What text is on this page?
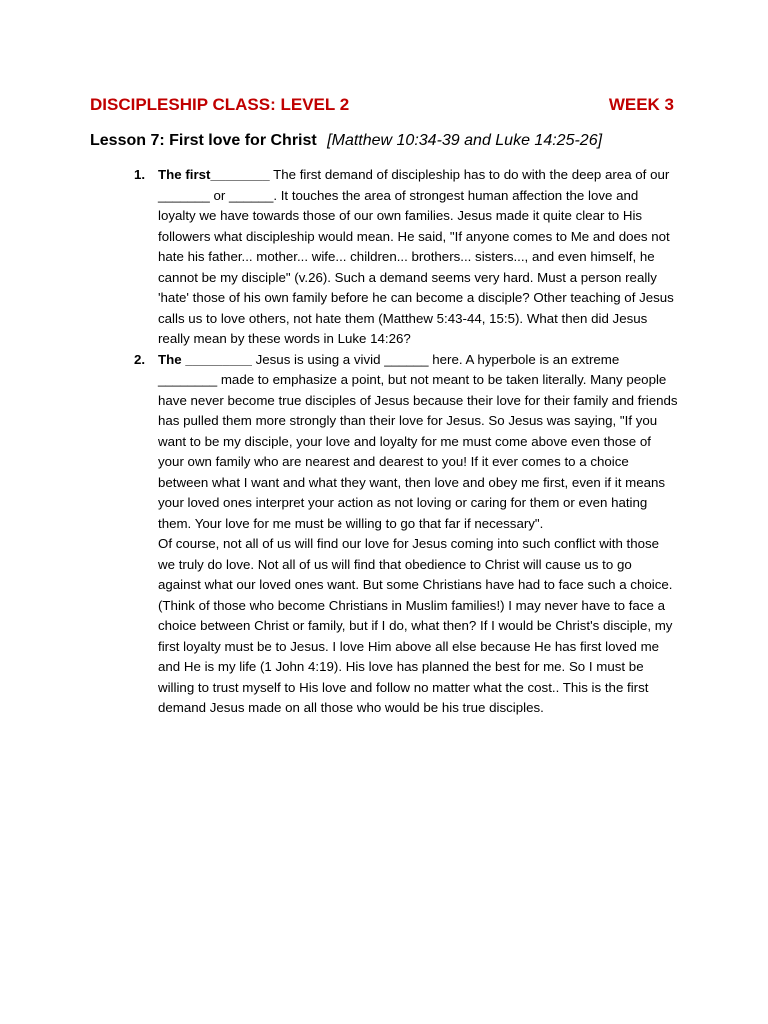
DISCIPLESHIP CLASS: LEVEL 2	WEEK 3
Lesson 7: First love for Christ [Matthew 10:34-39 and Luke 14:25-26]
1. The first________ The first demand of discipleship has to do with the deep area of our _______ or ______. It touches the area of strongest human affection the love and loyalty we have towards those of our own families. Jesus made it quite clear to His followers what discipleship would mean. He said, "If anyone comes to Me and does not hate his father... mother... wife... children... brothers... sisters..., and even himself, he cannot be my disciple" (v.26). Such a demand seems very hard. Must a person really 'hate' those of his own family before he can become a disciple? Other teaching of Jesus calls us to love others, not hate them (Matthew 5:43-44, 15:5). What then did Jesus really mean by these words in Luke 14:26?

2. The _________ Jesus is using a vivid ______ here. A hyperbole is an extreme ________ made to emphasize a point, but not meant to be taken literally. Many people have never become true disciples of Jesus because their love for their family and friends has pulled them more strongly than their love for Jesus. So Jesus was saying, "If you want to be my disciple, your love and loyalty for me must come above even those of your own family who are nearest and dearest to you! If it ever comes to a choice between what I want and what they want, then love and obey me first, even if it means your loved ones interpret your action as not loving or caring for them or even hating them. Your love for me must be willing to go that far if necessary".

Of course, not all of us will find our love for Jesus coming into such conflict with those we truly do love. Not all of us will find that obedience to Christ will cause us to go against what our loved ones want. But some Christians have had to face such a choice. (Think of those who become Christians in Muslim families!) I may never have to face a choice between Christ or family, but if I do, what then? If I would be Christ's disciple, my first loyalty must be to Jesus. I love Him above all else because He has first loved me and He is my life (1 John 4:19). His love has planned the best for me. So I must be willing to trust myself to His love and follow no matter what the cost.. This is the first demand Jesus made on all those who would be his true disciples.
